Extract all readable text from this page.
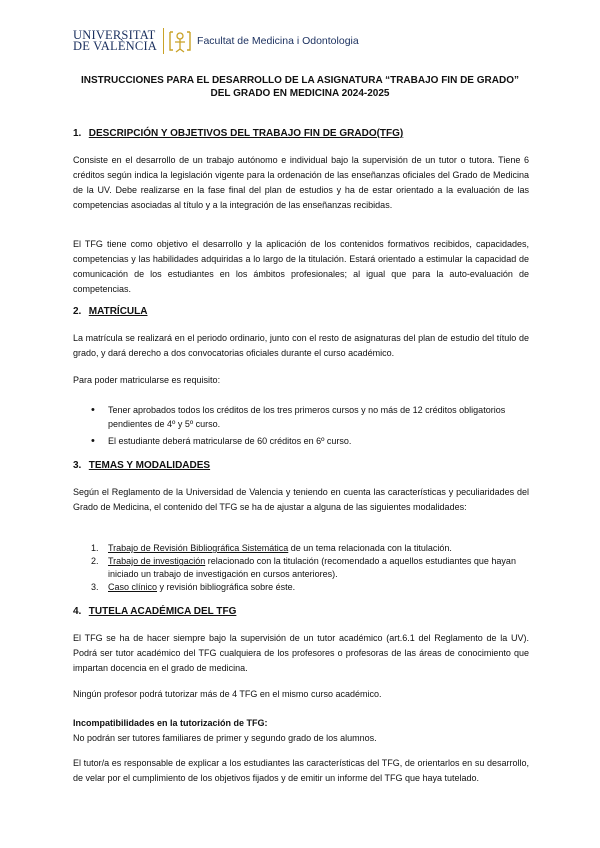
UNIVERSITAT
DE VALÈNCIA	Facultat de Medicina i Odontologia
INSTRUCCIONES PARA EL DESARROLLO DE LA ASIGNATURA “TRABAJO FIN DE GRADO”
DEL GRADO EN MEDICINA 2024-2025
1. DESCRIPCIÓN Y OBJETIVOS DEL TRABAJO FIN DE GRADO(TFG)

Consiste en el desarrollo de un trabajo autónomo e individual bajo la supervisión de un tutor o tutora. Tiene 6 créditos según indica la legislación vigente para la ordenación de las enseñanzas oficiales del Grado de Medicina de la UV. Debe realizarse en la fase final del plan de estudios y ha de estar orientado a la evaluación de las competencias asociadas al título y a la integración de las enseñanzas recibidas.

El TFG tiene como objetivo el desarrollo y la aplicación de los contenidos formativos recibidos, capacidades, competencias y las habilidades adquiridas a lo largo de la titulación. Estará orientado a estimular la capacidad de comunicación de los estudiantes en los ámbitos profesionales; al igual que para la auto-evaluación de competencias.

2. MATRÍCULA

La matrícula se realizará en el periodo ordinario, junto con el resto de asignaturas del plan de estudio del título de grado, y dará derecho a dos convocatorias oficiales durante el curso académico.

Para poder matricularse es requisito:

• Tener aprobados todos los créditos de los tres primeros cursos y no más de 12 créditos obligatorios pendientes de 4º y 5º curso.
• El estudiante deberá matricularse de 60 créditos en 6º curso.
3. TEMAS Y MODALIDADES

Según el Reglamento de la Universidad de Valencia y teniendo en cuenta las características y peculiaridades del Grado de Medicina, el contenido del TFG se ha de ajustar a alguna de las siguientes modalidades:

1. Trabajo de Revisión Bibliográfica Sistemática de un tema relacionada con la titulación.
2. Trabajo de investigación relacionado con la titulación (recomendado a aquellos estudiantes que hayan iniciado un trabajo de investigación en cursos anteriores).
3. Caso clínico y revisión bibliográfica sobre éste.
4. TUTELA ACADÉMICA DEL TFG

El TFG se ha de hacer siempre bajo la supervisión de un tutor académico (art.6.1 del Reglamento de la UV). Podrá ser tutor académico del TFG cualquiera de los profesores o profesoras de las áreas de conocimiento que impartan docencia en el grado de medicina.

Ningún profesor podrá tutorizar más de 4 TFG en el mismo curso académico.

Incompatibilidades en la tutorización de TFG:
No podrán ser tutores familiares de primer y segundo grado de los alumnos.

El tutor/a es responsable de explicar a los estudiantes las características del TFG, de orientarlos en su desarrollo, de velar por el cumplimiento de los objetivos fijados y de emitir un informe del TFG que haya tutelado.
